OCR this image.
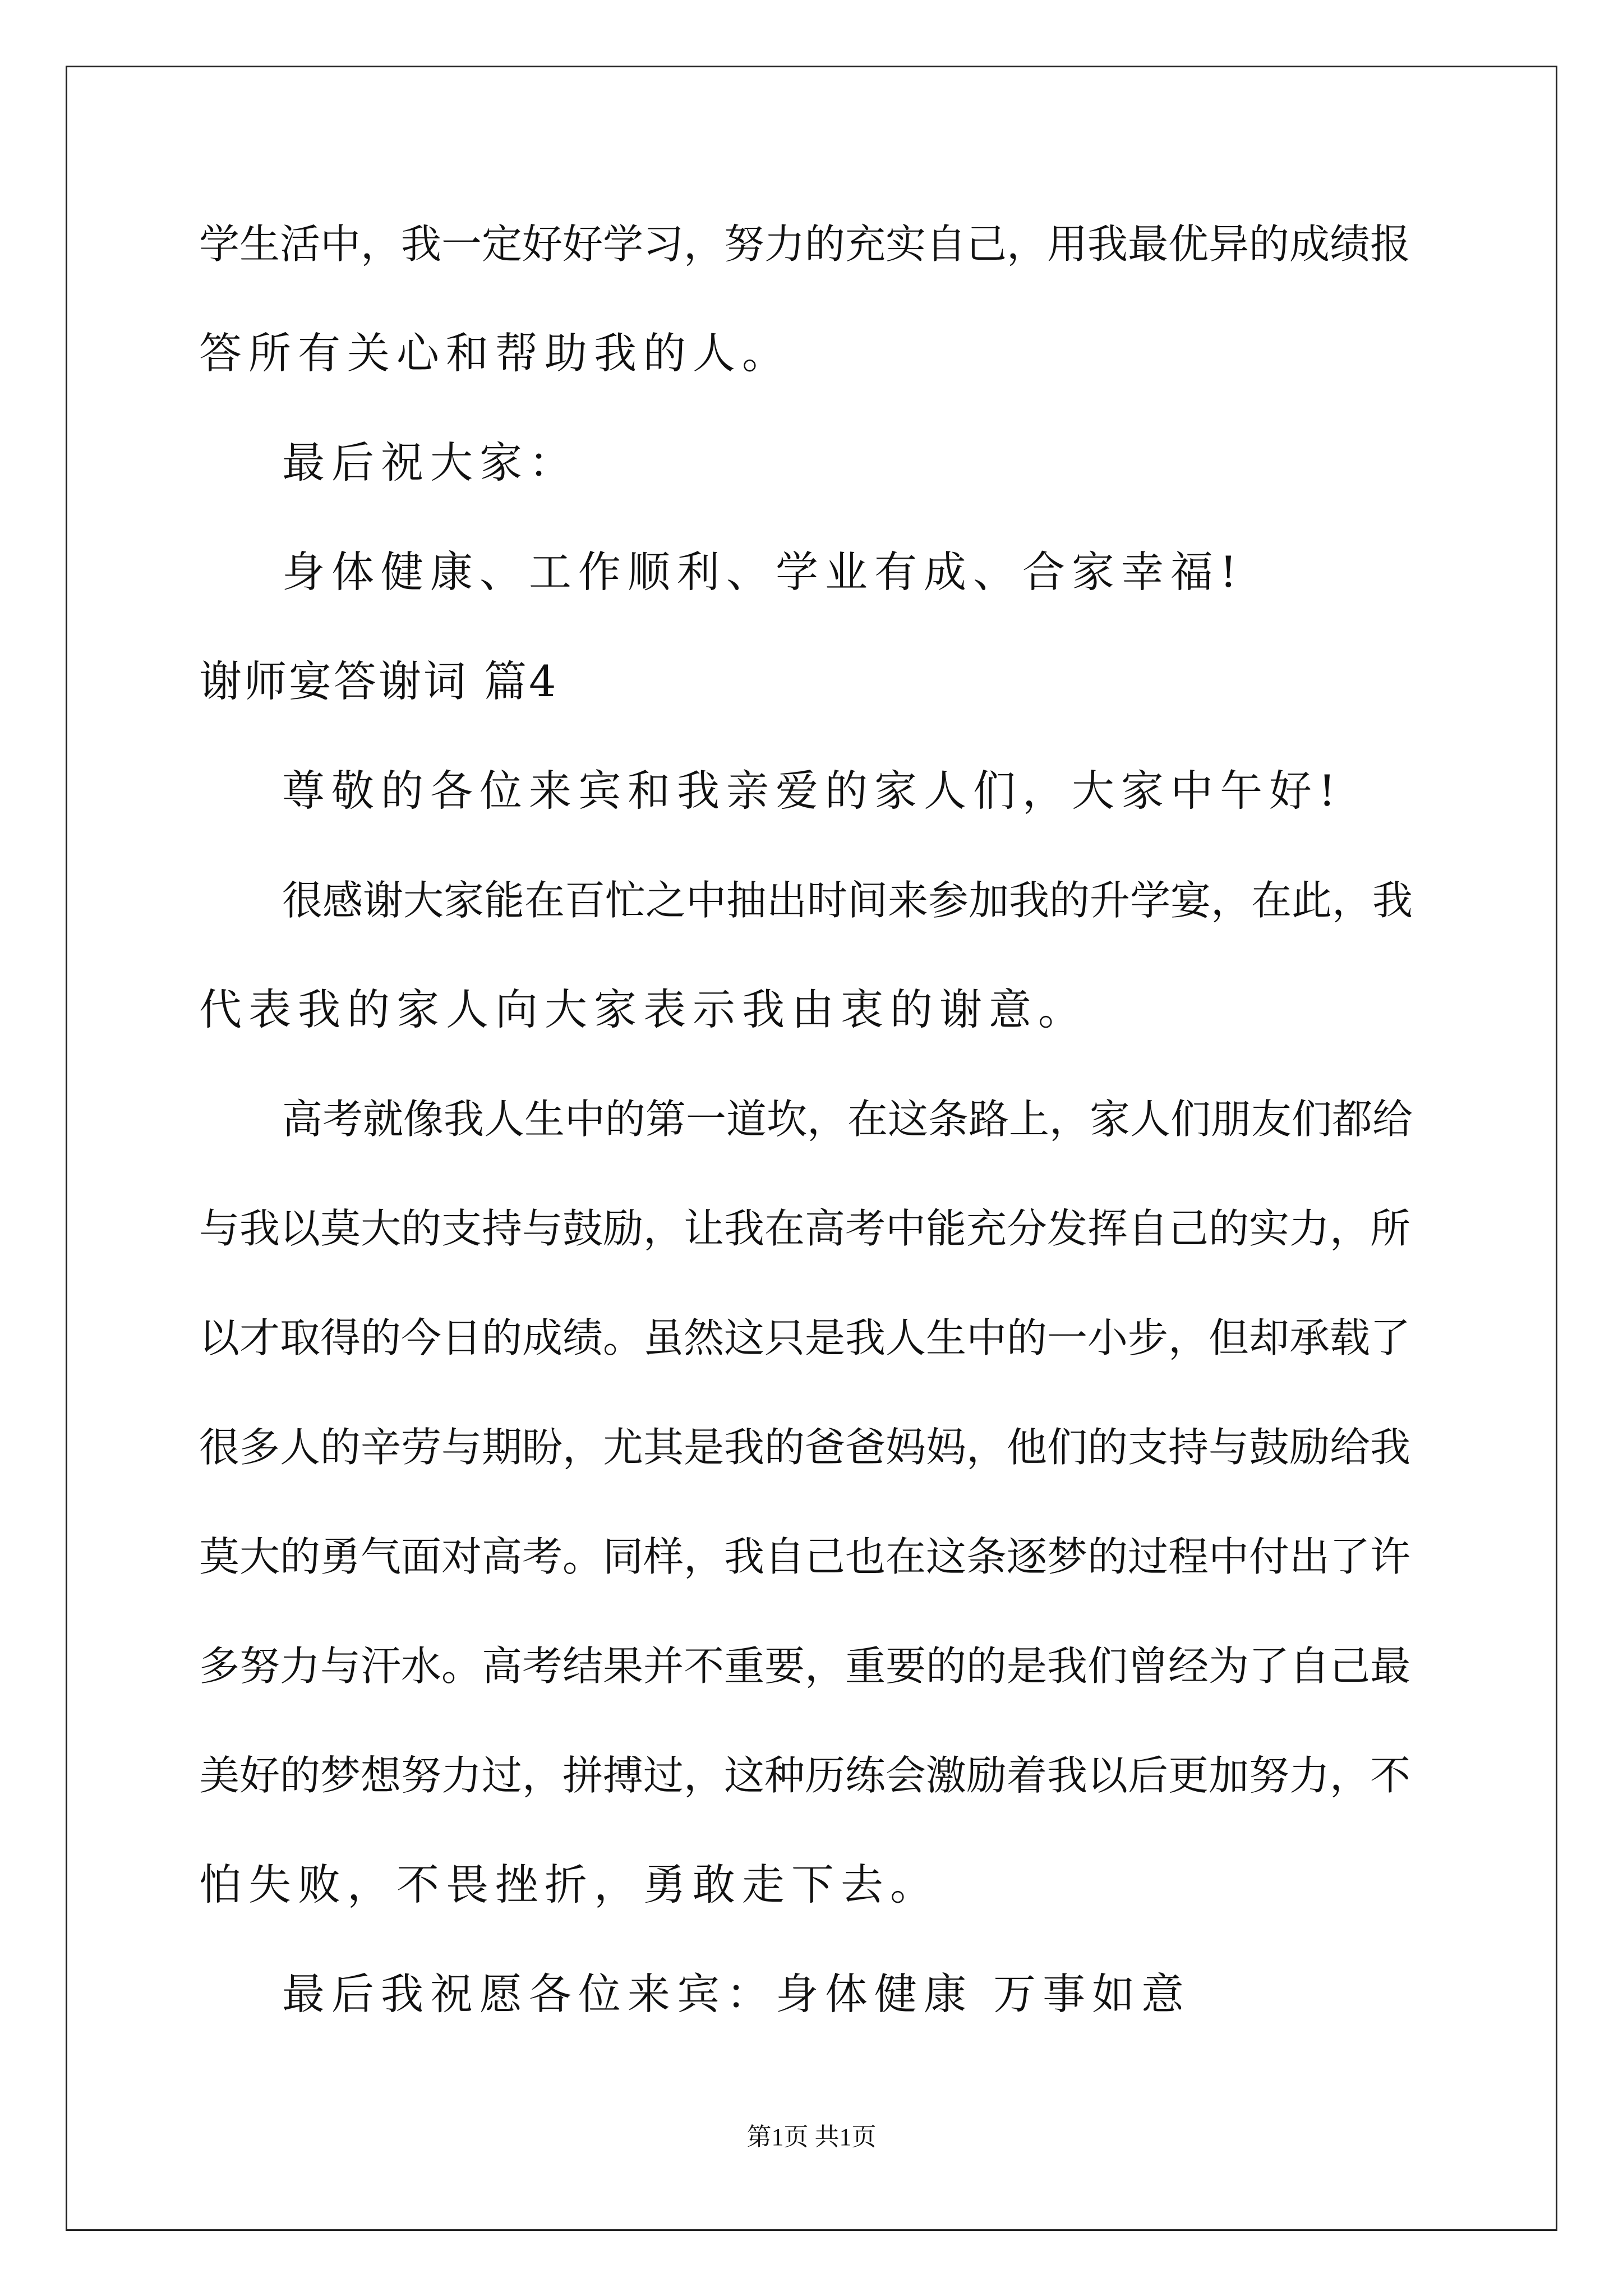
学生活中，我一定好好学习，努力的充实自己，用我最优异的成绩报
答所有关心和帮助我的人。
最后祝大家：
身体健康、工作顺利、学业有成、合家幸福!
谢师宴答谢词 篇4
尊敬的各位来宾和我亲爱的家人们，大家中午好!
很感谢大家能在百忙之中抽出时间来参加我的升学宴，在此，我
代表我的家人向大家表示我由衷的谢意。
高考就像我人生中的第一道坎，在这条路上，家人们朋友们都给
与我以莫大的支持与鼓励，让我在高考中能充分发挥自己的实力，所
以才取得的今日的成绩。虽然这只是我人生中的一小步，但却承载了
很多人的辛劳与期盼，尤其是我的爸爸妈妈，他们的支持与鼓励给我
莫大的勇气面对高考。同样，我自己也在这条逐梦的过程中付出了许
多努力与汗水。高考结果并不重要，重要的的是我们曾经为了自己最
美好的梦想努力过，拼搏过，这种历练会激励着我以后更加努力，不
怕失败，不畏挫折，勇敢走下去。
最后我祝愿各位来宾：身体健康 万事如意
第1页 共1页
